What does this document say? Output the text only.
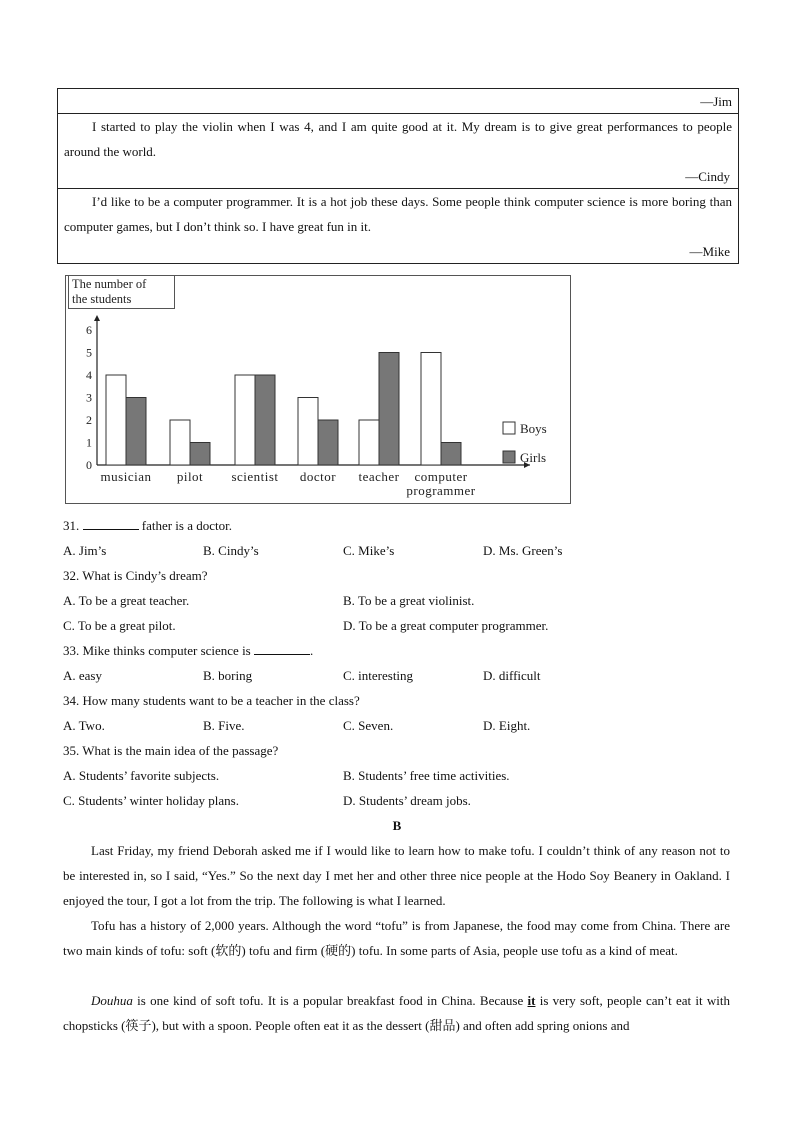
—Jim
I started to play the violin when I was 4, and I am quite good at it. My dream is to give great performances to people around the world.
—Cindy
I’d like to be a computer programmer. It is a hot job these days. Some people think computer science is more boring than computer games, but I don’t think so. I have great fun in it.
—Mike
The number of
the students
0
1
2
3
4
5
6
musician pilot scientist doctor teacher computer
programmer
Boys
Girls
31.	father is a doctor.
A. Jim’s	B. Cindy’s	C. Mike’s	D. Ms. Green’s
32. What is Cindy’s dream?
A. To be a great teacher.	B. To be a great violinist.
C. To be a great pilot.	D. To be a great computer programmer.
33. Mike thinks computer science is	.
A. easy	B. boring	C. interesting	D. difficult
34. How many students want to be a teacher in the class?
A. Two.	B. Five.	C. Seven.	D. Eight.
35. What is the main idea of the passage?
A. Students’ favorite subjects.	B. Students’ free time activities.
C. Students’ winter holiday plans.	D. Students’ dream jobs.
B
Last Friday, my friend Deborah asked me if I would like to learn how to make tofu. I couldn’t think of any reason not to be interested in, so I said, “Yes.” So the next day I met her and other three nice people at the Hodo Soy Beanery in Oakland. I enjoyed the tour, I got a lot from the trip. The following is what I learned.
Tofu has a history of 2,000 years. Although the word “tofu” is from Japanese, the food may come from China. There are two main kinds of tofu: soft (软的) tofu and firm (硬的) tofu. In some parts of Asia, people use tofu as a kind of meat.
Douhua is one kind of soft tofu. It is a popular breakfast food in China. Because it is very soft, people can’t eat it with chopsticks (筷子), but with a spoon. People often eat it as the dessert (甜品) and often add spring onions and
